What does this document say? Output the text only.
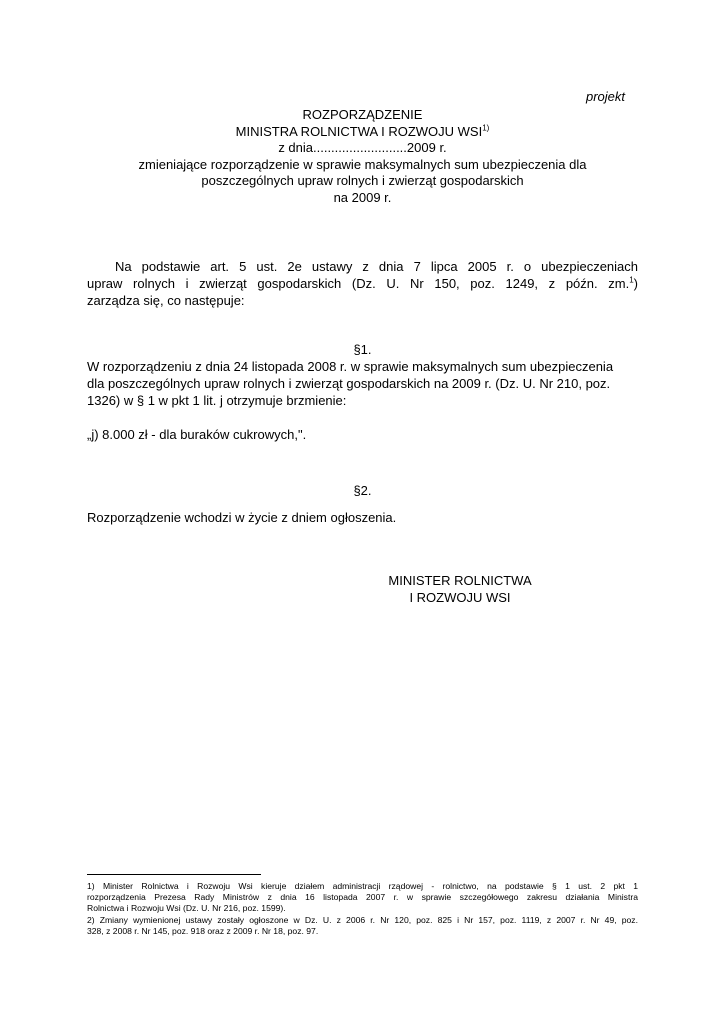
projekt
ROZPORZĄDZENIE
MINISTRA ROLNICTWA I ROZWOJU WSI$^{1)}$
z dnia..........................2009 r.
zmieniające rozporządzenie w sprawie maksymalnych sum ubezpieczenia dla
poszczególnych upraw rolnych i zwierząt gospodarskich
na 2009 r.
Na podstawie art. 5 ust. 2e ustawy z dnia 7 lipca 2005 r. o ubezpieczeniach
upraw rolnych i zwierząt gospodarskich (Dz. U. Nr 150, poz. 1249, z późn. zm.$^1$)
zarządza się, co następuje:
§1.
W rozporządzeniu z dnia 24 listopada 2008 r. w sprawie maksymalnych sum ubezpieczenia
dla poszczególnych upraw rolnych i zwierząt gospodarskich na 2009 r. (Dz. U. Nr 210, poz.
1326) w § 1 w pkt 1 lit. j otrzymuje brzmienie:
„j) 8.000 zł - dla buraków cukrowych,".
§2.
Rozporządzenie wchodzi w życie z dniem ogłoszenia.
MINISTER ROLNICTWA
I ROZWOJU WSI
1) Minister Rolnictwa i Rozwoju Wsi kieruje działem administracji rządowej - rolnictwo, na podstawie § 1 ust. 2 pkt 1
rozporządzenia Prezesa Rady Ministrów z dnia 16 listopada 2007 r. w sprawie szczegółowego zakresu działania Ministra
Rolnictwa i Rozwoju Wsi (Dz. U. Nr 216, poz. 1599).
2) Zmiany wymienionej ustawy zostały ogłoszone w Dz. U. z 2006 r. Nr 120, poz. 825 i Nr 157, poz. 1119, z 2007 r. Nr 49, poz.
328, z 2008 r. Nr 145, poz. 918 oraz z 2009 r. Nr 18, poz. 97.
